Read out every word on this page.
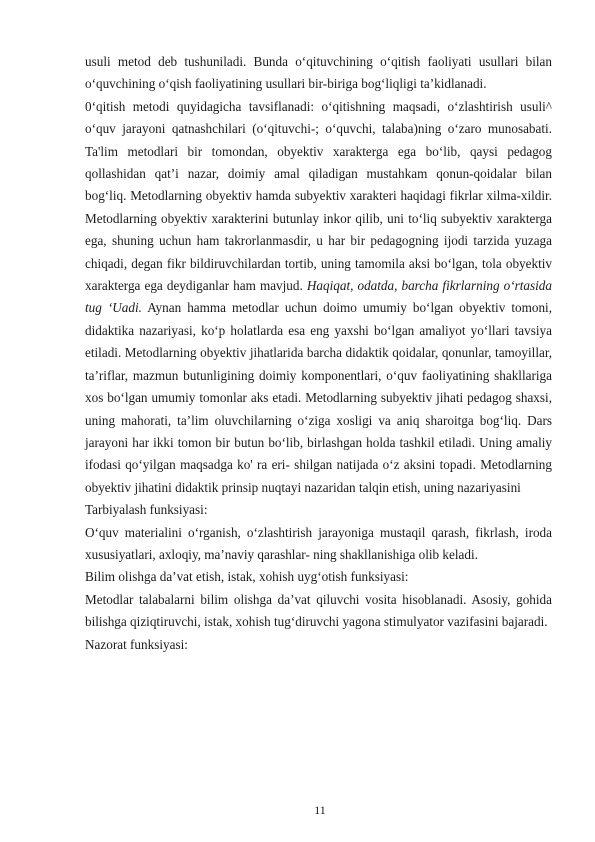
usuli metod deb tushuniladi. Bunda o‘qituvchining o‘qitish faoliyati usullari bilan o‘quvchining o‘qish faoliyatining usullari bir-biriga bog‘liqligi ta’kidlanadi.

0‘qitish metodi quyidagicha tavsiflanadi: o‘qitishning maqsadi, o‘zlashtirish usuli^ o‘quv jarayoni qatnashchilari (o‘qituvchi-; o‘quvchi, talaba)ning o‘zaro munosabati. Ta'lim metodlari bir tomondan, obyektiv xarakterga ega bo‘lib, qaysi pedagog qollashidan qat’i nazar, doimiy amal qiladigan mustahkam qonun-qoidalar bilan bog‘liq. Metodlarning obyektiv hamda subyektiv xarakteri haqidagi fikrlar xilma-xildir. Metodlarning obyektiv xarakterini butunlay inkor qilib, uni to‘liq subyektiv xarakterga ega, shuning uchun ham takrorlanmasdir, u har bir pedagogning ijodi tarzida yuzaga chiqadi, degan fikr bildiruvchilardan tortib, uning tamomila aksi bo‘lgan, tola obyektiv xarakterga ega deydiganlar ham mavjud. Haqiqat, odatda, barcha fikrlarning o‘rtasida tug ‘Uadi. Aynan hamma metodlar uchun doimo umumiy bo‘lgan obyektiv tomoni, didaktika nazariyasi, ko‘p holatlarda esa eng yaxshi bo‘lgan amaliyot yo‘llari tavsiya etiladi. Metodlarning obyektiv jihatlarida barcha didaktik qoidalar, qonunlar, tamoyillar, ta’riflar, mazmun butunligining doimiy komponentlari, o‘quv faoliyatining shakllariga xos bo‘lgan umumiy tomonlar aks etadi. Metodlarning subyektiv jihati pedagog shaxsi, uning mahorati, ta’lim oluvchilarning o‘ziga xosligi va aniq sharoitga bog‘liq. Dars jarayoni har ikki tomon bir butun bo‘lib, birlashgan holda tashkil etiladi. Uning amaliy ifodasi qo‘yilgan maqsadga ko' ra eri- shilgan natijada o‘z aksini topadi. Metodlarning obyektiv jihatini didaktik prinsip nuqtayi nazaridan talqin etish, uning nazariyasini

Tarbiyalash funksiyasi:

O‘quv materialini o‘rganish, o‘zlashtirish jarayoniga mustaqil qarash, fikrlash, iroda xususiyatlari, axloqiy, ma’naviy qarashlar- ning shakllanishiga olib keladi.

Bilim olishga da’vat etish, istak, xohish uyg‘otish funksiyasi:

Metodlar talabalarni bilim olishga da’vat qiluvchi vosita hisoblanadi. Asosiy, gohida bilishga qiziqtiruvchi, istak, xohish tug‘diruvchi yagona stimulyator vazifasini bajaradi.

Nazorat funksiyasi:

11
